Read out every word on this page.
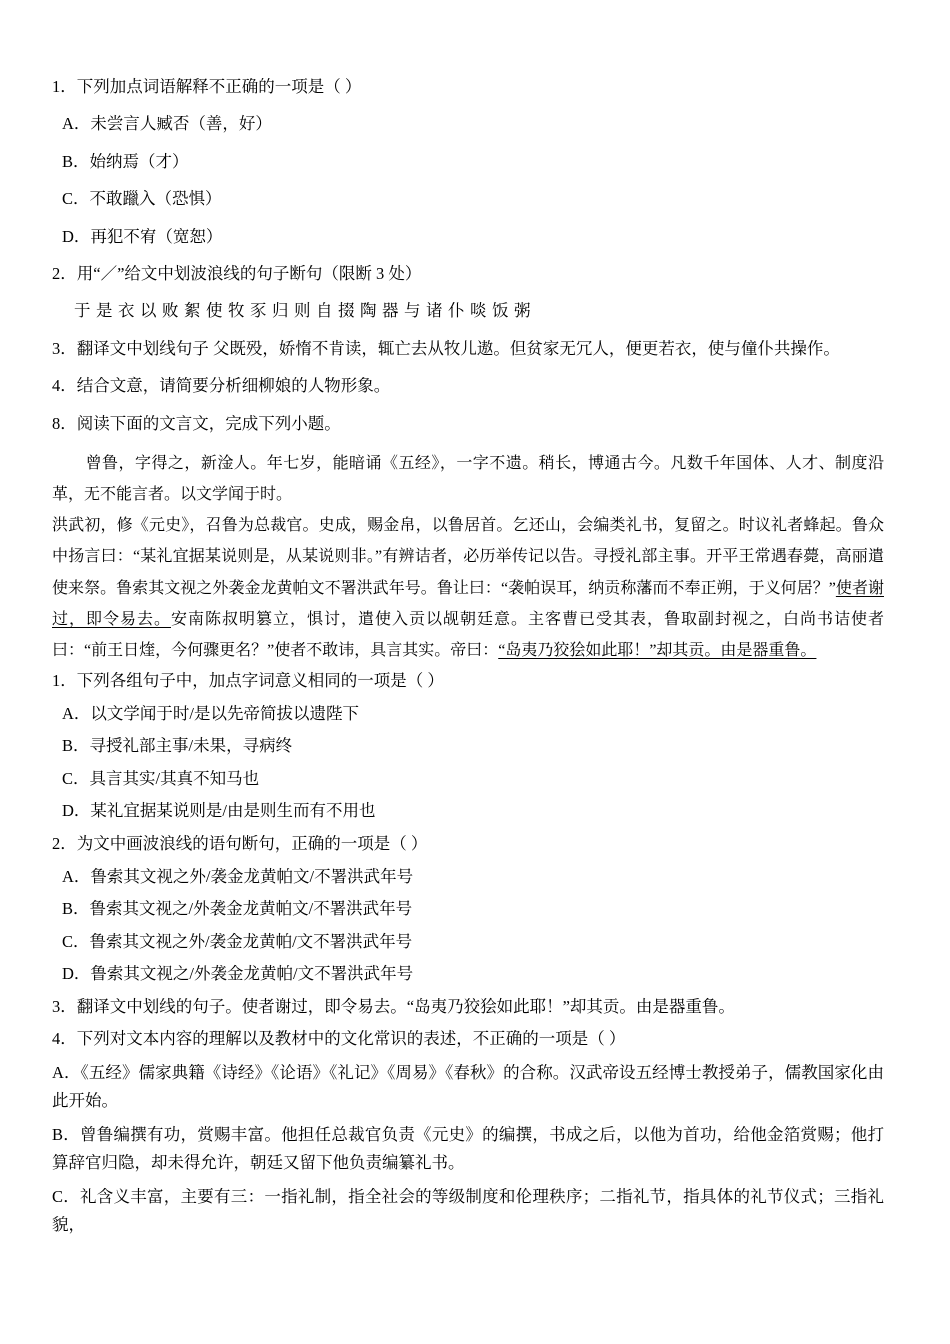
1．下列加点词语解释不正确的一项是（ ）
A．未尝言人臧否（善，好）
B．始纳焉（才）
C．不敢躐入（恐惧）
D．再犯不宥（宽恕）
2．用“／”给文中划波浪线的句子断句（限断 3 处）
于是衣以败絮使牧豕归则自掇陶器与诸仆啖饭粥
3．翻译文中划线句子 父既殁，娇惰不肯读，辄亡去从牧儿遨。但贫家无冗人，便更若衣，使与僮仆共操作。
4．结合文意，请简要分析细柳娘的人物形象。
8．阅读下面的文言文，完成下列小题。

曾鲁，字得之，新淦人。年七岁，能暗诵《五经》，一字不遗。稍长，博通古今。凡数千年国体、人才、制度沿革，无不能言者。以文学闻于时。

洪武初，修《元史》，召鲁为总裁官。史成，赐金帛，以鲁居首。乞还山，会编类礼书，复留之。时议礼者蜂起。鲁众中扬言曰：“某礼宜据某说则是，从某说则非。”有辨诘者，必历举传记以告。寻授礼部主事。开平王常遇春薨，高丽遣使来祭。鲁索其文视之外袭金龙黄帕文不署洪武年号。鲁让曰：“袭帕误耳，纳贡称藩而不奉正朔，于义何居？”使者谢过，即令易去。安南陈叔明篡立，惧讨，遣使入贡以觇朝廷意。主客曹已受其表，鲁取副封视之，白尚书诘使者曰：“前王日煃，今何骤更名？”使者不敢讳，具言其实。帝曰：“岛夷乃狡狯如此耶！”却其贡。由是器重鲁。

1．下列各组句子中，加点字词意义相同的一项是（ ）
A．以文学闻于时/是以先帝简拔以遗陛下
B．寻授礼部主事/未果，寻病终
C．具言其实/其真不知马也
D．某礼宜据某说则是/由是则生而有不用也
2．为文中画波浪线的语句断句，正确的一项是（ ）
A．鲁索其文视之外/袭金龙黄帕文/不署洪武年号
B．鲁索其文视之/外袭金龙黄帕文/不署洪武年号
C．鲁索其文视之外/袭金龙黄帕/文不署洪武年号
D．鲁索其文视之/外袭金龙黄帕/文不署洪武年号
3．翻译文中划线的句子。使者谢过，即令易去。“岛夷乃狡狯如此耶！”却其贡。由是器重鲁。
4．下列对文本内容的理解以及教材中的文化常识的表述，不正确的一项是（ ）
A．《五经》儒家典籍《诗经》《论语》《礼记》《周易》《春秋》的合称。汉武帝设五经博士教授弟子，儒教国家化由此开始。
B．曾鲁编撰有功，赏赐丰富。他担任总裁官负责《元史》的编撰，书成之后，以他为首功，给他金箔赏赐；他打算辞官归隐，却未得允许，朝廷又留下他负责编纂礼书。
C．礼含义丰富，主要有三：一指礼制，指全社会的等级制度和伦理秩序；二指礼节，指具体的礼节仪式；三指礼貌，
